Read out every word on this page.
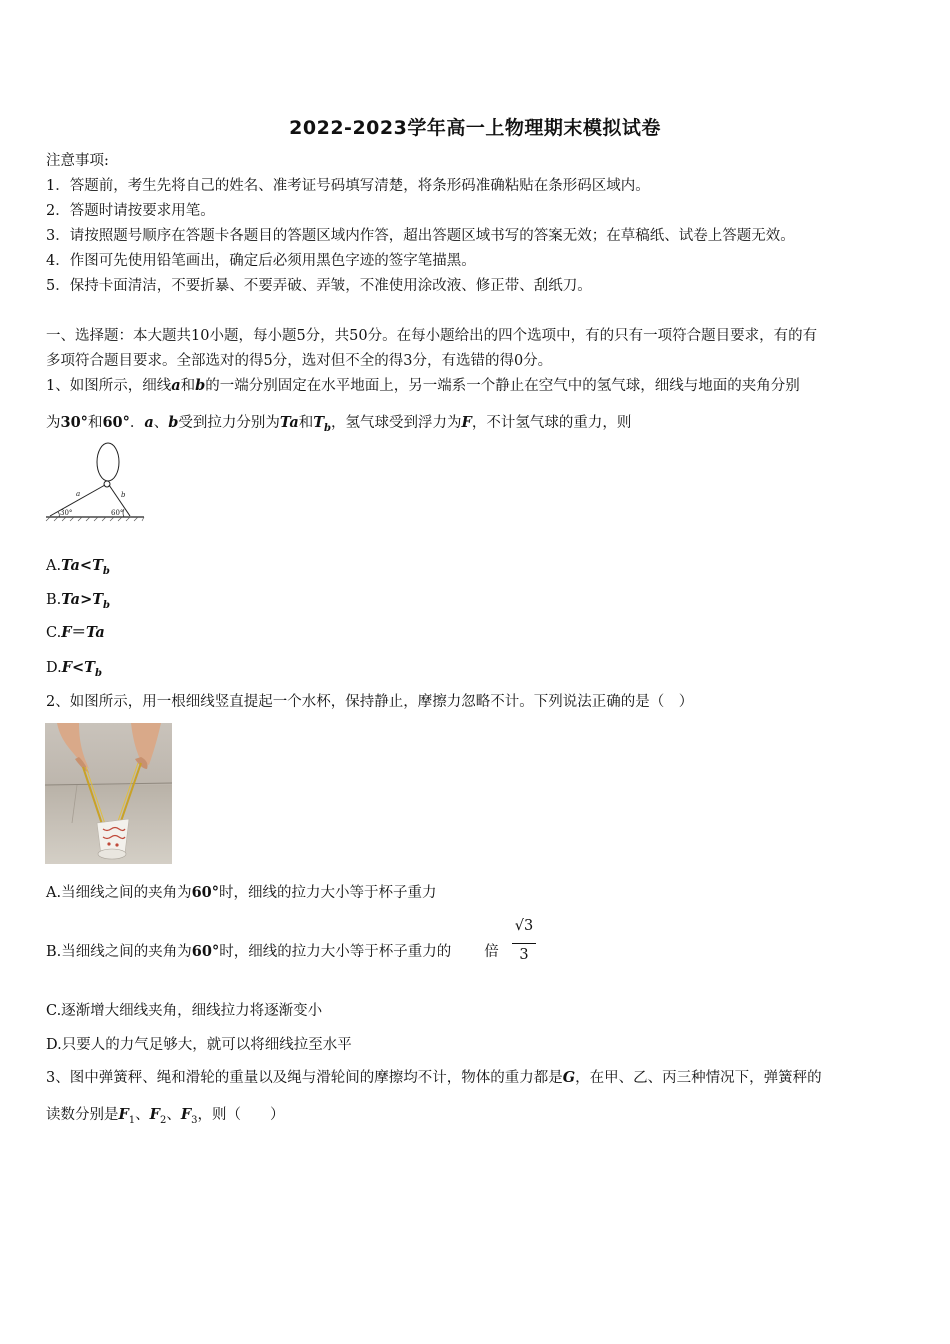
2022-2023学年高一上物理期末模拟试卷
注意事项:
1．答题前，考生先将自己的姓名、准考证号码填写清楚，将条形码准确粘贴在条形码区域内。
2．答题时请按要求用笔。
3．请按照题号顺序在答题卡各题目的答题区域内作答，超出答题区域书写的答案无效；在草稿纸、试卷上答题无效。
4．作图可先使用铅笔画出，确定后必须用黑色字迹的签字笔描黑。
5．保持卡面清洁，不要折暴、不要弄破、弄皱，不准使用涂改液、修正带、刮纸刀。
一、选择题：本大题共10小题，每小题5分，共50分。在每小题给出的四个选项中，有的只有一项符合题目要求，有的有
多项符合题目要求。全部选对的得5分，选对但不全的得3分，有选错的得0分。
1、如图所示，细线a和b的一端分别固定在水平地面上，另一端系一个静止在空气中的氢气球，细线与地面的夹角分别
为30°和60°．a、b受到拉力分别为Ta和$T_b$，氢气球受到浮力为F，不计氢气球的重力，则
a	b
30°	60°
$A.Ta<T_b$
$B.Ta>T_b$
C.F＝Ta
$D.F<T_b$
2、如图所示，用一根细线竖直提起一个水杯，保持静止，摩擦力忽略不计。下列说法正确的是（　）
A.当细线之间的夹角为60°时，细线的拉力大小等于杯子重力
B.当细线之间的夹角为60°时，细线的拉力大小等于杯子重力的 倍
√3
3
C.逐渐增大细线夹角，细线拉力将逐渐变小
D.只要人的力气足够大，就可以将细线拉至水平
3、图中弹簧秤、绳和滑轮的重量以及绳与滑轮间的摩擦均不计，物体的重力都是G，在甲、乙、丙三种情况下，弹簧秤的
读数分别是$F_1$、$F_2$、$F_3$，则（　　）
